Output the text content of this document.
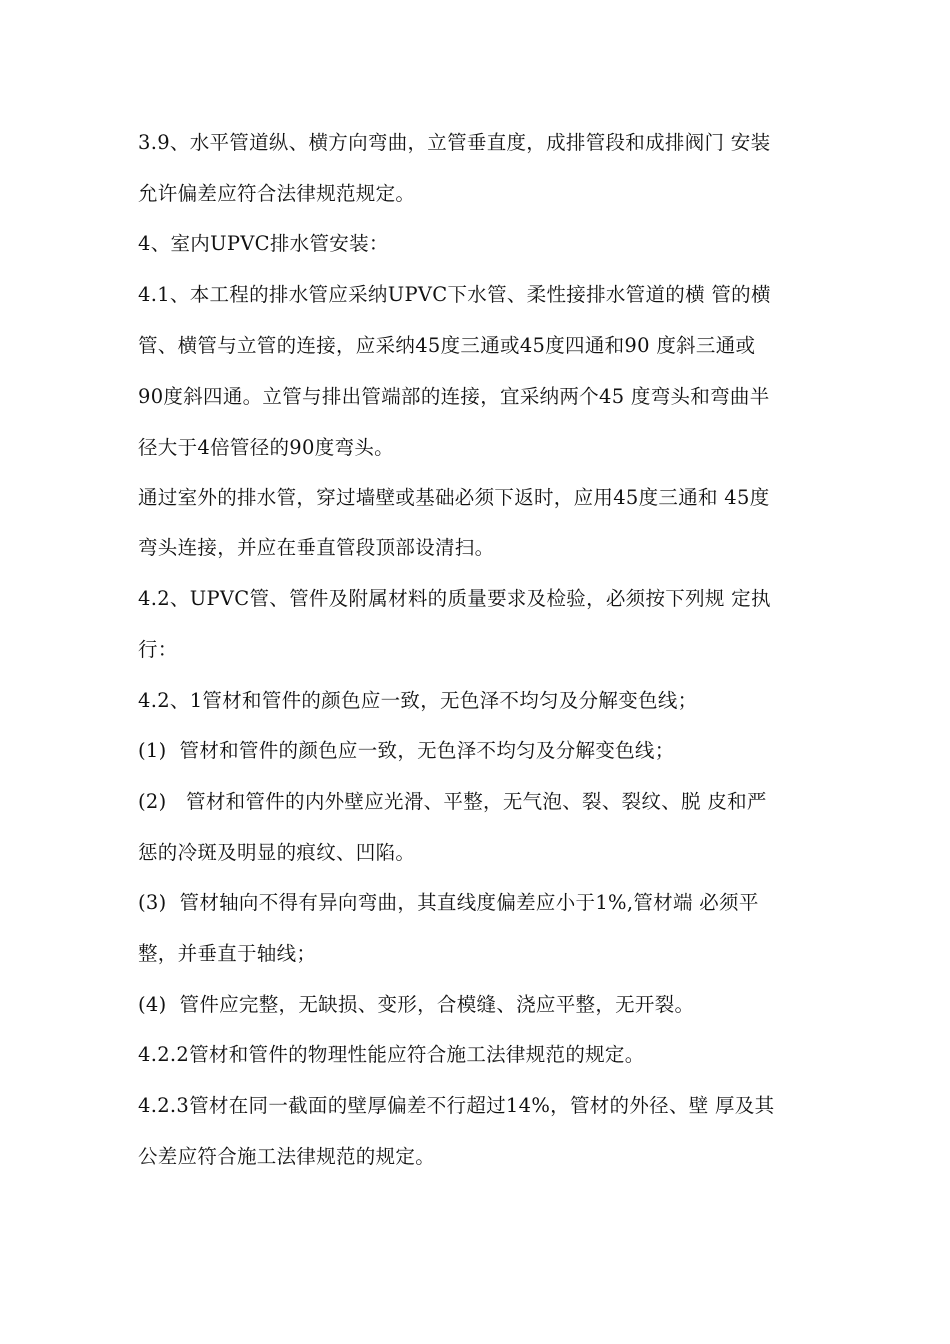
3.9、水平管道纵、横方向弯曲，立管垂直度，成排管段和成排阀门 安装
允许偏差应符合法律规范规定。
4、室内UPVC排水管安装：
4.1、本工程的排水管应采纳UPVC下水管、柔性接排水管道的横 管的横
管、横管与立管的连接，应采纳45度三通或45度四通和90 度斜三通或
90度斜四通。立管与排出管端部的连接，宜采纳两个45 度弯头和弯曲半
径大于4倍管径的90度弯头。
通过室外的排水管，穿过墙壁或基础必须下返时，应用45度三通和 45度
弯头连接，并应在垂直管段顶部设清扫。
4.2、UPVC管、管件及附属材料的质量要求及检验，必须按下列规 定执
行：
4.2、1管材和管件的颜色应一致，无色泽不均匀及分解变色线；
(1)  管材和管件的颜色应一致，无色泽不均匀及分解变色线；
(2)   管材和管件的内外壁应光滑、平整，无气泡、裂、裂纹、脱 皮和严
惩的冷斑及明显的痕纹、凹陷。
(3)  管材轴向不得有异向弯曲，其直线度偏差应小于1%,管材端 必须平
整，并垂直于轴线；
(4)  管件应完整，无缺损、变形，合模缝、浇应平整，无开裂。
4.2.2管材和管件的物理性能应符合施工法律规范的规定。
4.2.3管材在同一截面的壁厚偏差不行超过14%，管材的外径、壁 厚及其
公差应符合施工法律规范的规定。
